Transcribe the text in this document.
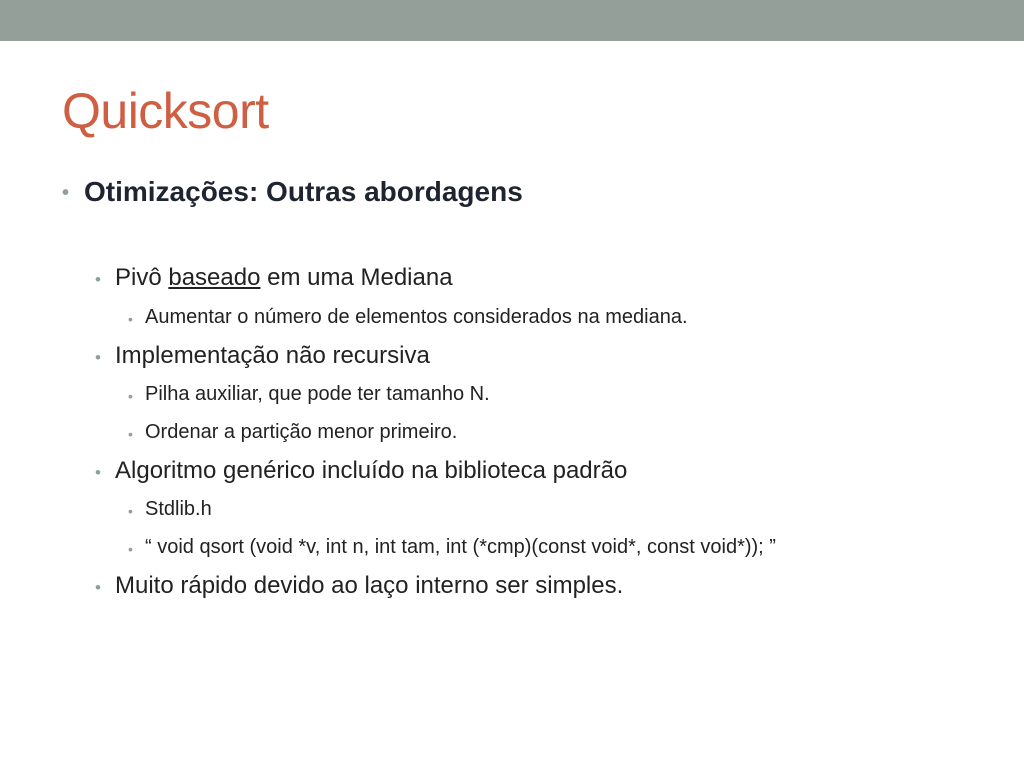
Quicksort
• Otimizações: Outras abordagens
• Pivô baseado em uma Mediana
• Aumentar o número de elementos considerados na mediana.
• Implementação não recursiva
• Pilha auxiliar, que pode ter tamanho N.
• Ordenar a partição menor primeiro.
• Algoritmo genérico incluído na biblioteca padrão
• Stdlib.h
• “ void qsort (void *v, int n, int tam, int (*cmp)(const void*, const void*)); ”
• Muito rápido devido ao laço interno ser simples.
